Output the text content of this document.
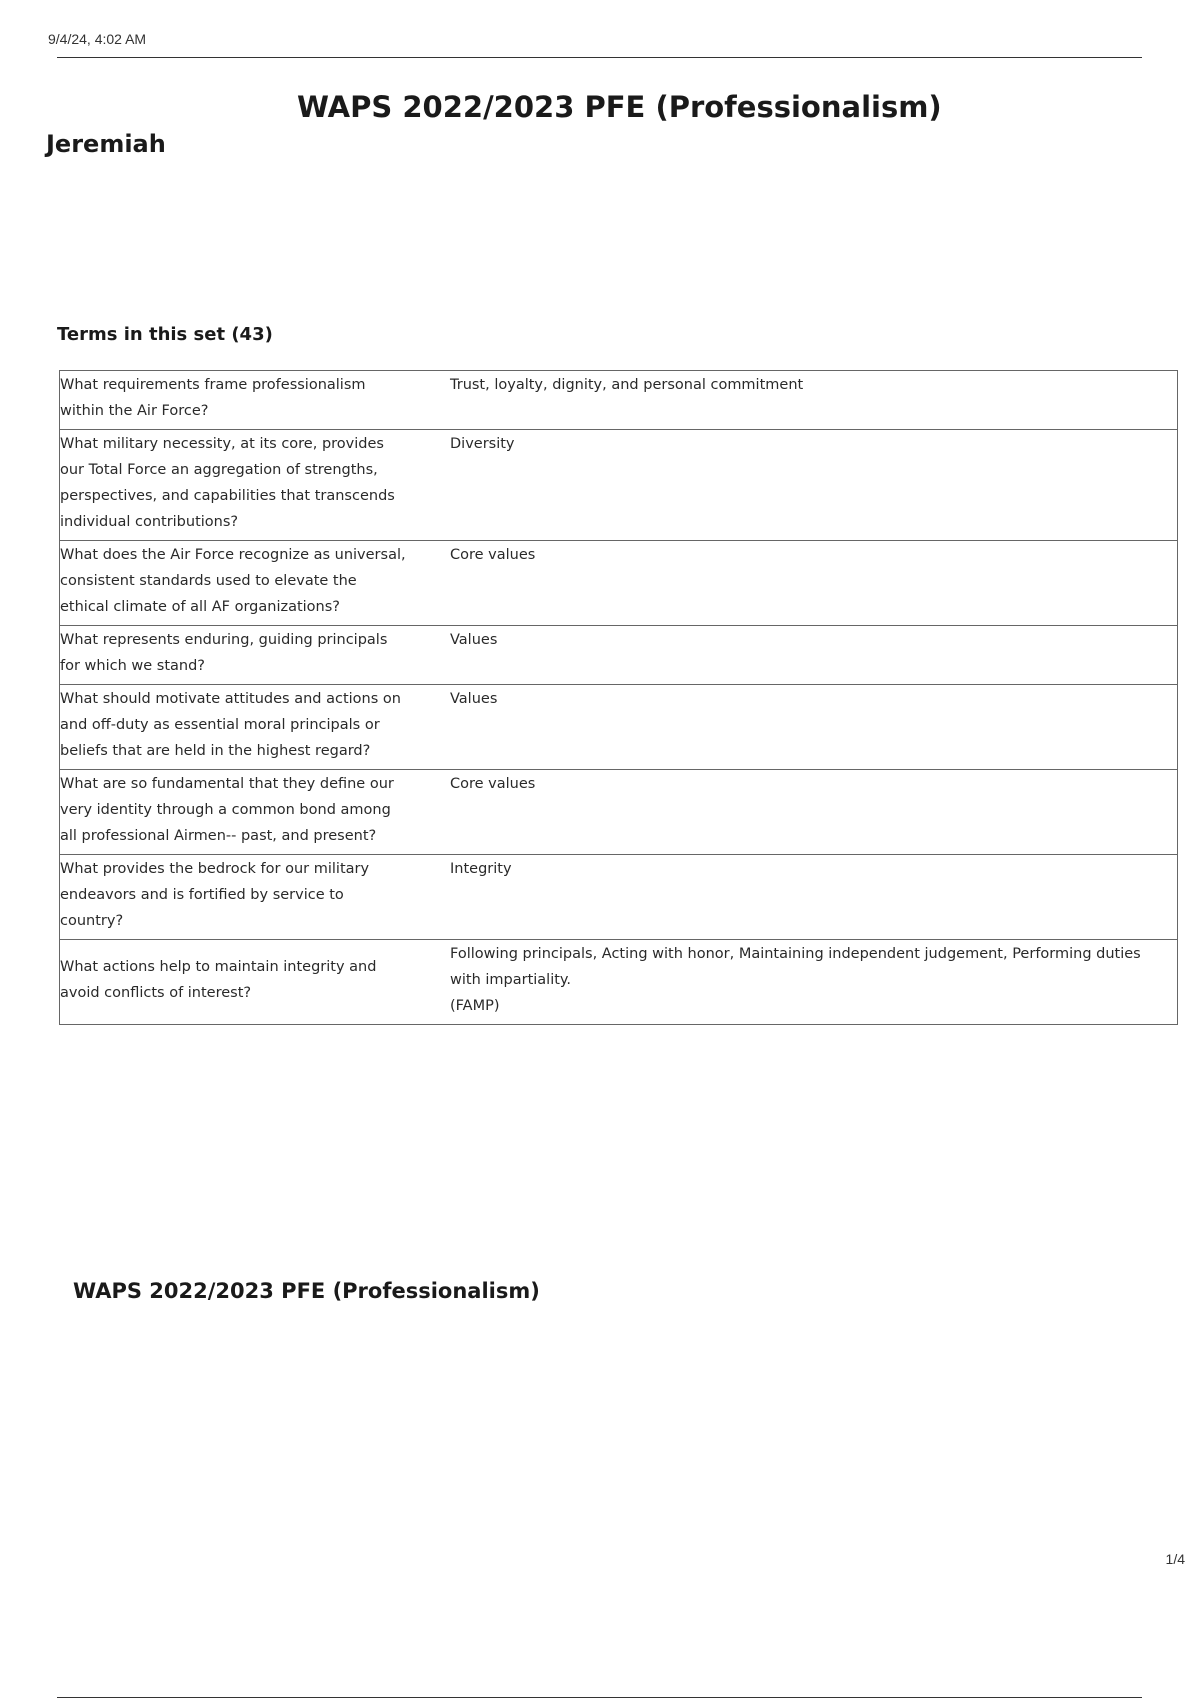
9/4/24, 4:02 AM
WAPS 2022/2023 PFE (Professionalism)
Jeremiah
Terms in this set (43)
What requirements frame professionalism within the Air Force?	Trust, loyalty, dignity, and personal commitment

What military necessity, at its core, provides our Total Force an aggregation of strengths, perspectives, and capabilities that transcends individual contributions?	Diversity

What does the Air Force recognize as universal, consistent standards used to elevate the ethical climate of all AF organizations?	Core values

What represents enduring, guiding principals for which we stand?	Values

What should motivate attitudes and actions on and off-duty as essential moral principals or beliefs that are held in the highest regard?	Values

What are so fundamental that they define our very identity through a common bond among all professional Airmen-- past, and present?	Core values

What provides the bedrock for our military endeavors and is fortified by service to country?	Integrity

What actions help to maintain integrity and avoid conflicts of interest?	Following principals, Acting with honor, Maintaining independent judgement, Performing duties with impartiality.
(FAMP)
WAPS 2022/2023 PFE (Professionalism)
1/4
